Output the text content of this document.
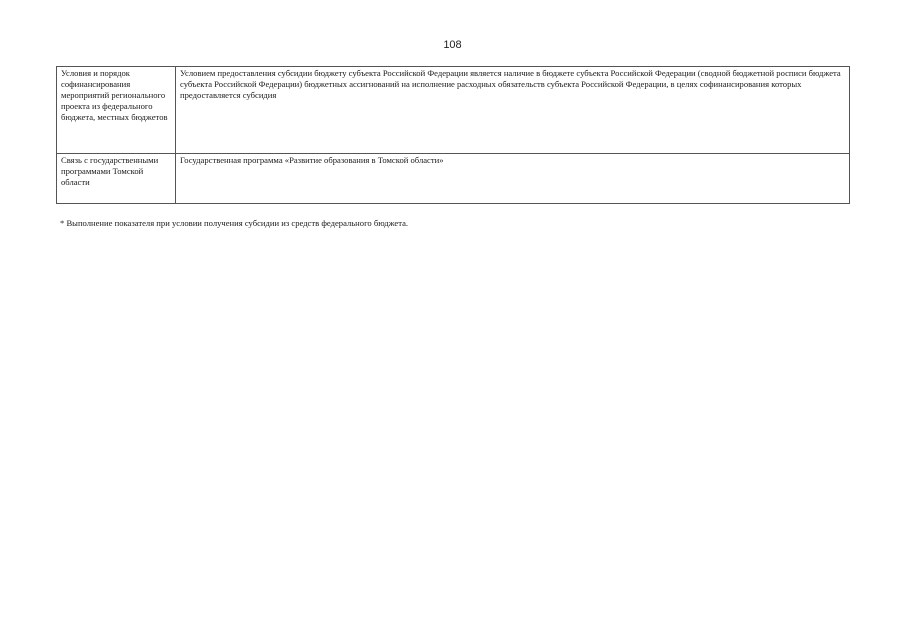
108
Условия и порядок софинансирования мероприятий регионального проекта из федерального бюджета, местных бюджетов	Условием предоставления субсидии бюджету субъекта Российской Федерации является наличие в бюджете субъекта Российской Федерации (сводной бюджетной росписи бюджета субъекта Российской Федерации) бюджетных ассигнований на исполнение расходных обязательств субъекта Российской Федерации, в целях софинансирования которых предоставляется субсидия
Связь с государственными программами Томской области	Государственная программа «Развитие образования в Томской области»
* Выполнение показателя при условии получения субсидии из средств федерального бюджета.
